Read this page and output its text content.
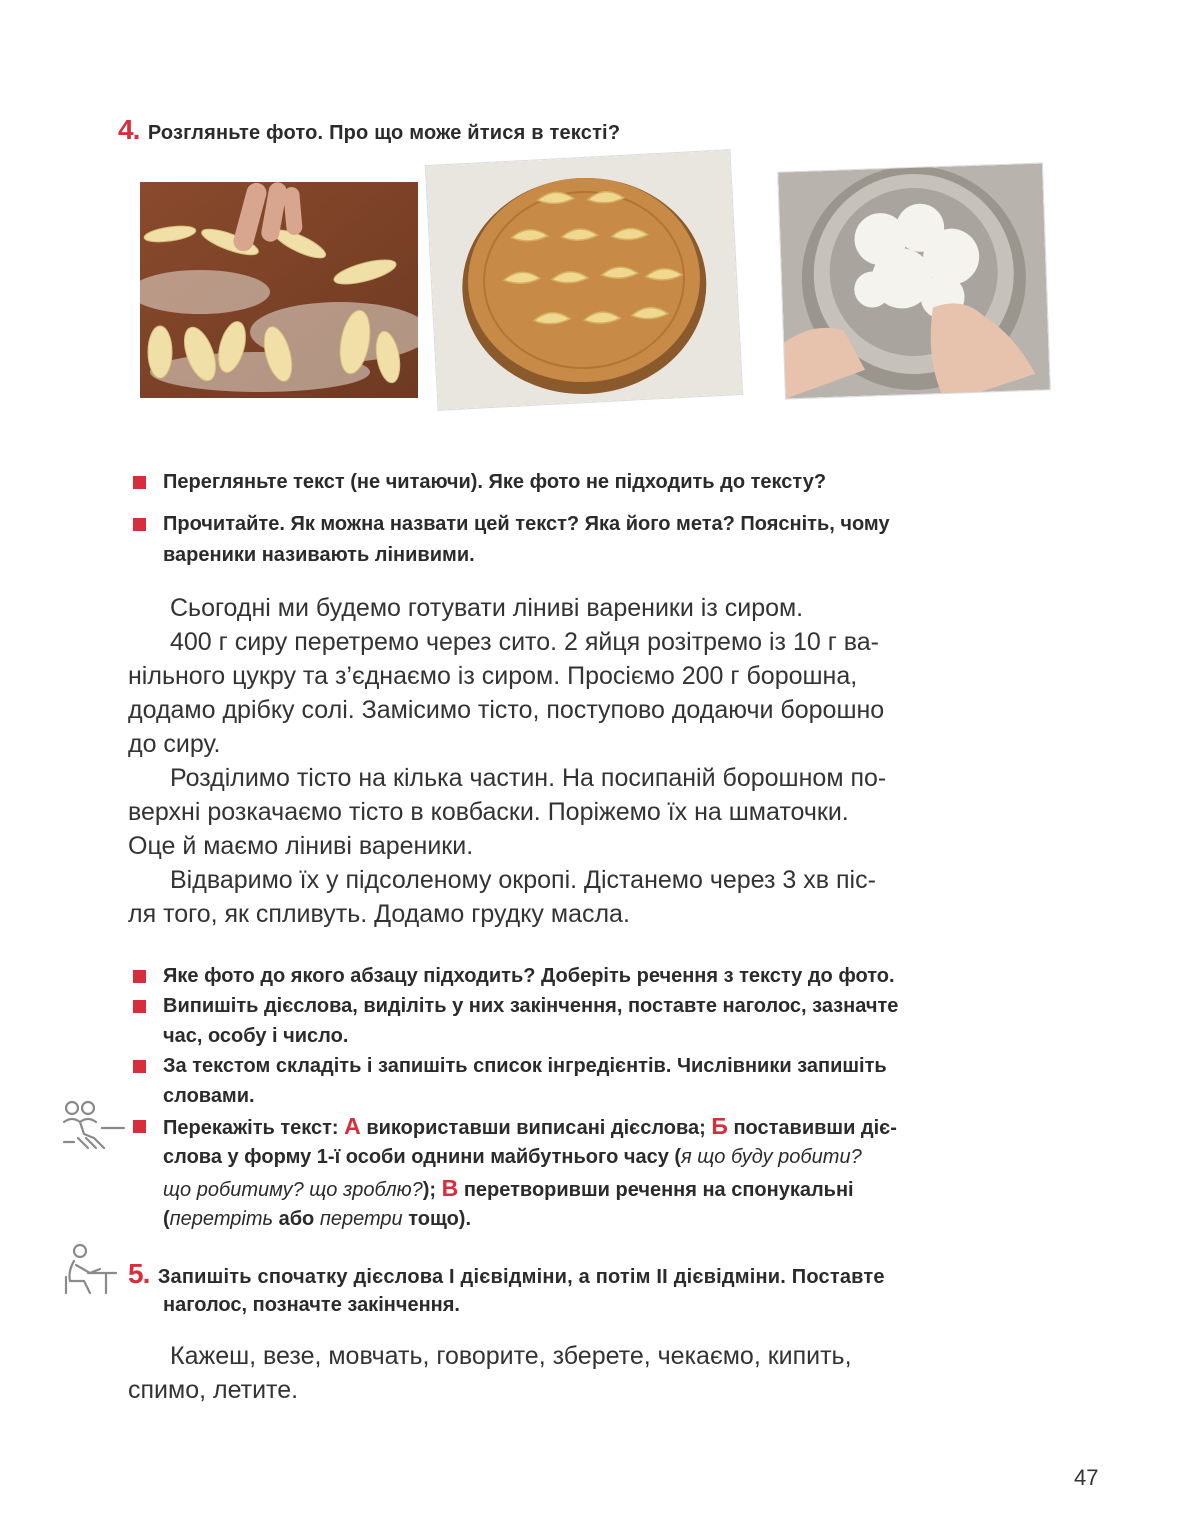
4. Розгляньте фото. Про що може йтися в тексті?
Перегляньте текст (не читаючи). Яке фото не підходить до тексту?
Прочитайте. Як можна назвати цей текст? Яка його мета? Поясніть, чому
вареники називають лінивими.
Сьогодні ми будемо готувати ліниві вареники із сиром.
400 г сиру перетремо через сито. 2 яйця розітремо із 10 г ва-
нільного цукру та з’єднаємо із сиром. Просіємо 200 г борошна,
додамо дрібку солі. Замісимо тісто, поступово додаючи борошно
до сиру.
Розділимо тісто на кілька частин. На посипаній борошном по-
верхні розкачаємо тісто в ковбаски. Поріжемо їх на шматочки.
Оце й маємо ліниві вареники.
Відваримо їх у підсоленому окропі. Дістанемо через 3 хв піс-
ля того, як спливуть. Додамо грудку масла.
Яке фото до якого абзацу підходить? Доберіть речення з тексту до фото.
Випишіть дієслова, виділіть у них закінчення, поставте наголос, зазначте
час, особу і число.
За текстом складіть і запишіть список інгредієнтів. Числівники запишіть
словами.
Перекажіть текст: А використавши виписані дієслова; Б поставивши діє-
слова у форму 1-ї особи однини майбутнього часу (я що буду робити?
що робитиму? що зроблю?); В перетворивши речення на спонукальні
(перетріть або перетри тощо).
5. Запишіть спочатку дієслова I дієвідміни, а потім II дієвідміни. Поставте
наголос, позначте закінчення.
Кажеш, везе, мовчать, говорите, зберете, чекаємо, кипить,
спимо, летите.
47
